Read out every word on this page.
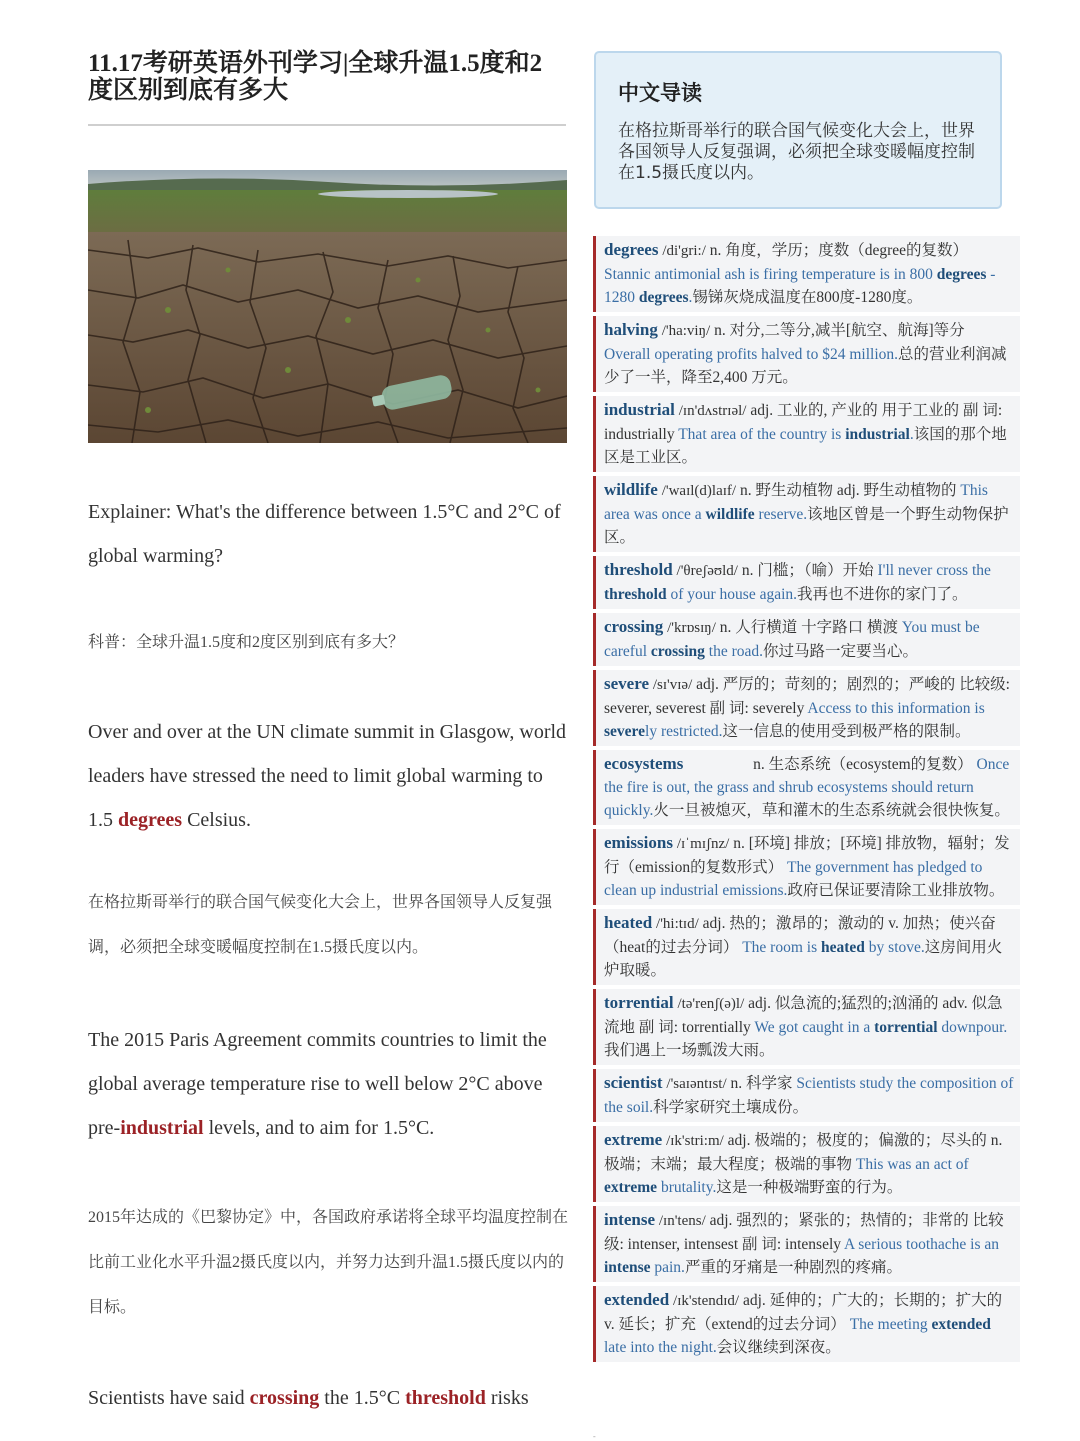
11.17考研英语外刊学习|全球升温1.5度和2度区别到底有多大

Explainer: What's the difference between 1.5°C and 2°C of global warming?

科普：全球升温1.5度和2度区别到底有多大？

Over and over at the UN climate summit in Glasgow, world leaders have stressed the need to limit global warming to 1.5 degrees Celsius.

在格拉斯哥举行的联合国气候变化大会上，世界各国领导人反复强调，必须把全球变暖幅度控制在1.5摄氏度以内。

The 2015 Paris Agreement commits countries to limit the global average temperature rise to well below 2°C above pre-industrial levels, and to aim for 1.5°C.

2015年达成的《巴黎协定》中，各国政府承诺将全球平均温度控制在比前工业化水平升温2摄氏度以内，并努力达到升温1.5摄氏度以内的目标。

Scientists have said crossing the 1.5°C threshold risks

中文导读
在格拉斯哥举行的联合国气候变化大会上，世界各国领导人反复强调，必须把全球变暖幅度控制在1.5摄氏度以内。
degrees /di'gri:/ n. 角度，学历；度数（degree的复数） Stannic antimonial ash is firing temperature is in 800 degrees - 1280 degrees.锡锑灰烧成温度在800度-1280度。
halving /'ha:viŋ/ n. 对分,二等分,减半[航空、航海]等分 Overall operating profits halved to $24 million.总的营业利润减少了一半，降至2,400 万元。
industrial /ɪn'dʌstrɪəl/ adj. 工业的, 产业的 用于工业的 副 词: industrially That area of the country is industrial.该国的那个地区是工业区。
wildlife /'waɪl(d)laɪf/ n. 野生动植物 adj. 野生动植物的 This area was once a wildlife reserve.该地区曾是一个野生动物保护区。
threshold /'θreʃəʊld/ n. 门槛；（喻）开始 I'll never cross the threshold of your house again.我再也不进你的家门了。
crossing /'krɒsɪŋ/ n. 人行横道 十字路口 横渡 You must be careful crossing the road.你过马路一定要当心。
severe /sɪ'vɪə/ adj. 严厉的；苛刻的；剧烈的；严峻的 比较级: severer, severest 副 词: severely Access to this information is severely restricted.这一信息的使用受到极严格的限制。
ecosystems     	n. 生态系统（ecosystem的复数） Once the fire is out, the grass and shrub ecosystems should return quickly.火一旦被熄灭，草和灌木的生态系统就会很快恢复。
emissions /ɪˈmɪʃnz/ n. [环境] 排放；[环境] 排放物，辐射；发行（emission的复数形式） The government has pledged to clean up industrial emissions.政府已保证要清除工业排放物。
heated /'hi:tɪd/ adj. 热的；激昂的；激动的 v. 加热；使兴奋（heat的过去分词） The room is heated by stove.这房间用火炉取暖。
torrential /tə'renʃ(ə)l/ adj. 似急流的;猛烈的;汹涌的 adv. 似急流地 副 词: torrentially We got caught in a torrential downpour.我们遇上一场瓢泼大雨。
scientist /'saɪəntɪst/ n. 科学家 Scientists study the composition of the soil.科学家研究土壤成份。
extreme /ɪk'stri:m/ adj. 极端的；极度的；偏激的；尽头的 n. 极端；末端；最大程度；极端的事物 This was an act of extreme brutality.这是一种极端野蛮的行为。
intense /ɪn'tens/ adj. 强烈的；紧张的；热情的；非常的 比较级: intenser, intensest 副 词: intensely A serious toothache is an intense pain.严重的牙痛是一种剧烈的疼痛。
extended /ɪk'stendɪd/ adj. 延伸的；广大的；长期的；扩大的 v. 延长；扩充（extend的过去分词） The meeting extended late into the night.会议继续到深夜。
-
